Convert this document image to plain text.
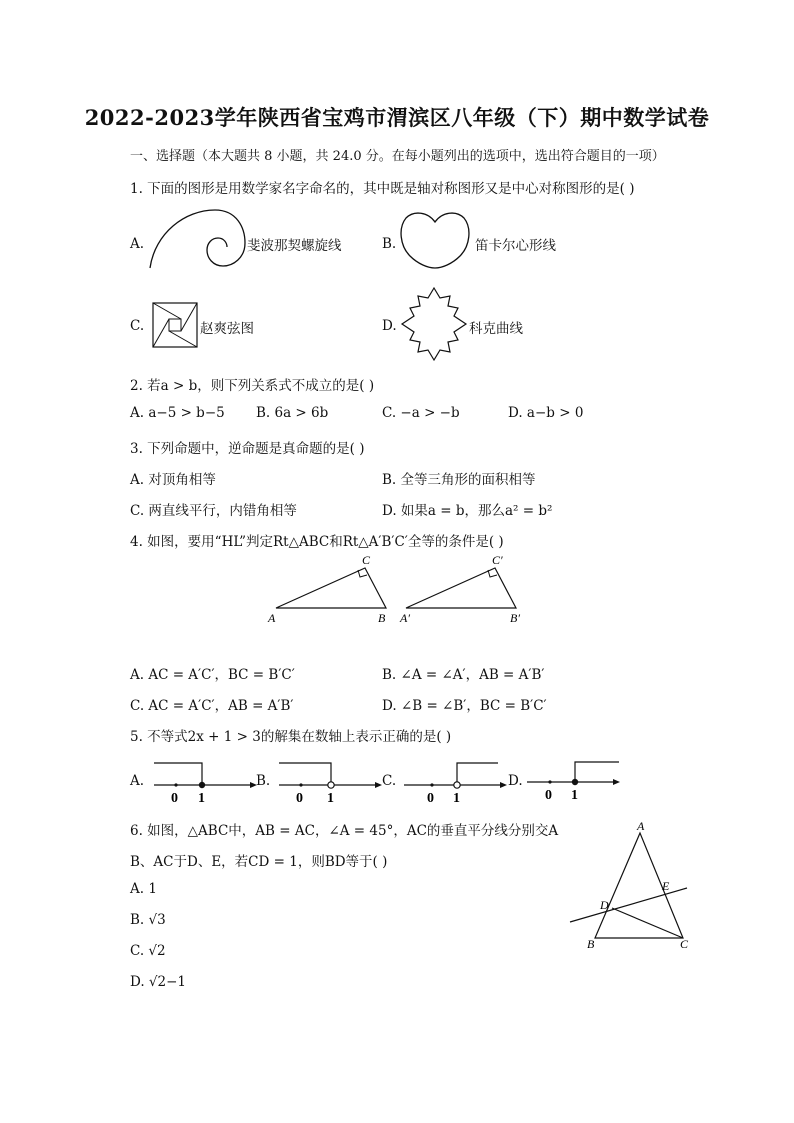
2022-2023学年陕西省宝鸡市渭滨区八年级（下）期中数学试卷
一、选择题（本大题共 8 小题，共 24.0 分。在每小题列出的选项中，选出符合题目的一项）
1. 下面的图形是用数学家名字命名的，其中既是轴对称图形又是中心对称图形的是( )
A.	斐波那契螺旋线	B.	笛卡尔心形线
C.	赵爽弦图	D.	科克曲线
2. 若a > b，则下列关系式不成立的是( )
A. a−5 > b−5 B. 6a > 6b	C. −a > −b	D. a−b > 0
3. 下列命题中，逆命题是真命题的是( )
A. 对顶角相等	B. 全等三角形的面积相等
C. 两直线平行，内错角相等	D. 如果a = b，那么a² = b²
4. 如图，要用“HL”判定Rt△ABC和Rt△A′B′C′全等的条件是( )
C
A	B
C′
A′	B′
A. AC = A′C′，BC = B′C′	B. ∠A = ∠A′，AB = A′B′
C. AC = A′C′，AB = A′B′	D. ∠B = ∠B′，BC = B′C′
5. 不等式2x + 1 > 3的解集在数轴上表示正确的是( )
A.
0 1
B.
0 1
C.
0 1
D.
0 1
6. 如图，△ABC中，AB = AC，∠A = 45°，AC的垂直平分线分别交A
B、AC于D、E，若CD = 1，则BD等于( )
A. 1
B. √3
C. √2
D. √2−1
A
E
D
B	C
